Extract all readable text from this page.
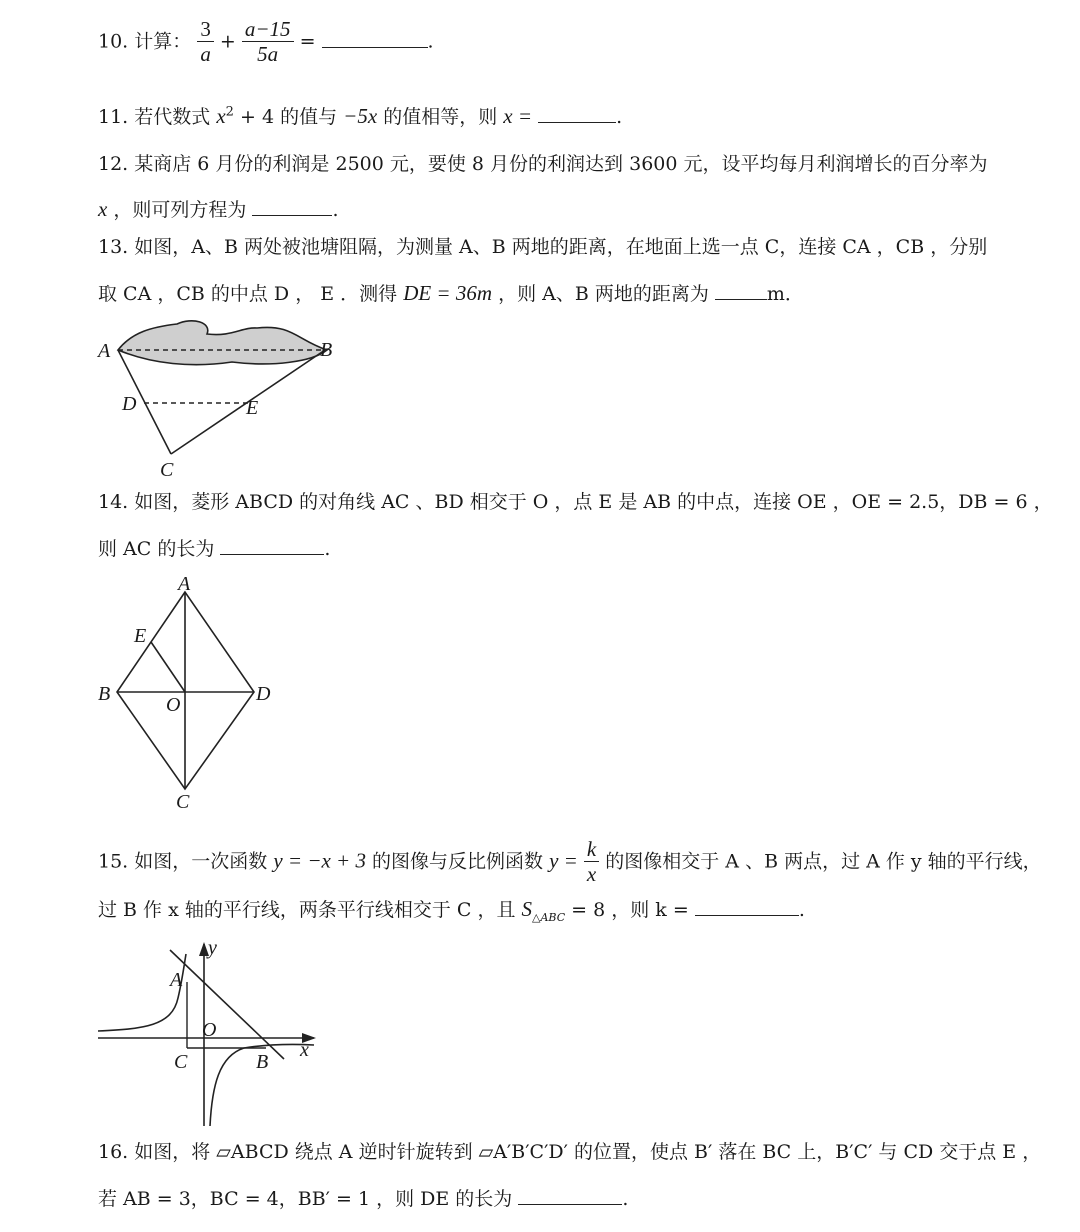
10. 计算： $\frac{3}{a} + \frac{a-15}{5a}$ =	.
11. 若代数式 $x^2 + 4$ 的值与 −5x 的值相等，则 x =	.
12. 某商店 6 月份的利润是 2500 元，要使 8 月份的利润达到 3600 元，设平均每月利润增长的百分率为
x ，则可列方程为	.
13. 如图，A、B 两处被池塘阻隔，为测量 A、B 两地的距离，在地面上选一点 C，连接 CA ，CB ，分别
取 CA ，CB 的中点 D ， E ．测得 DE = 36m ，则 A、B 两地的距离为	m．
A	B
C
D	E
14. 如图，菱形 ABCD 的对角线 AC 、BD 相交于 O ，点 E 是 AB 的中点，连接 OE ，OE = 2.5，DB = 6 ，
则 AC 的长为	.
A
B
C
D
E
O
15. 如图，一次函数 y = −x + 3 的图像与反比例函数 $y = \frac{k}{x}$ 的图像相交于 A 、B 两点，过 A 作 y 轴的平行线，
过 B 作 x 轴的平行线，两条平行线相交于 C ，且 $S_{\triangle ABC} = 8$ ，则 k =	.
y
A
O
C	B
x
16. 如图，将 ▱ABCD 绕点 A 逆时针旋转到 ▱A′B′C′D′ 的位置，使点 B′ 落在 BC 上，B′C′ 与 CD 交于点 E ，
若 AB = 3，BC = 4，BB′ = 1 ，则 DE 的长为	.
